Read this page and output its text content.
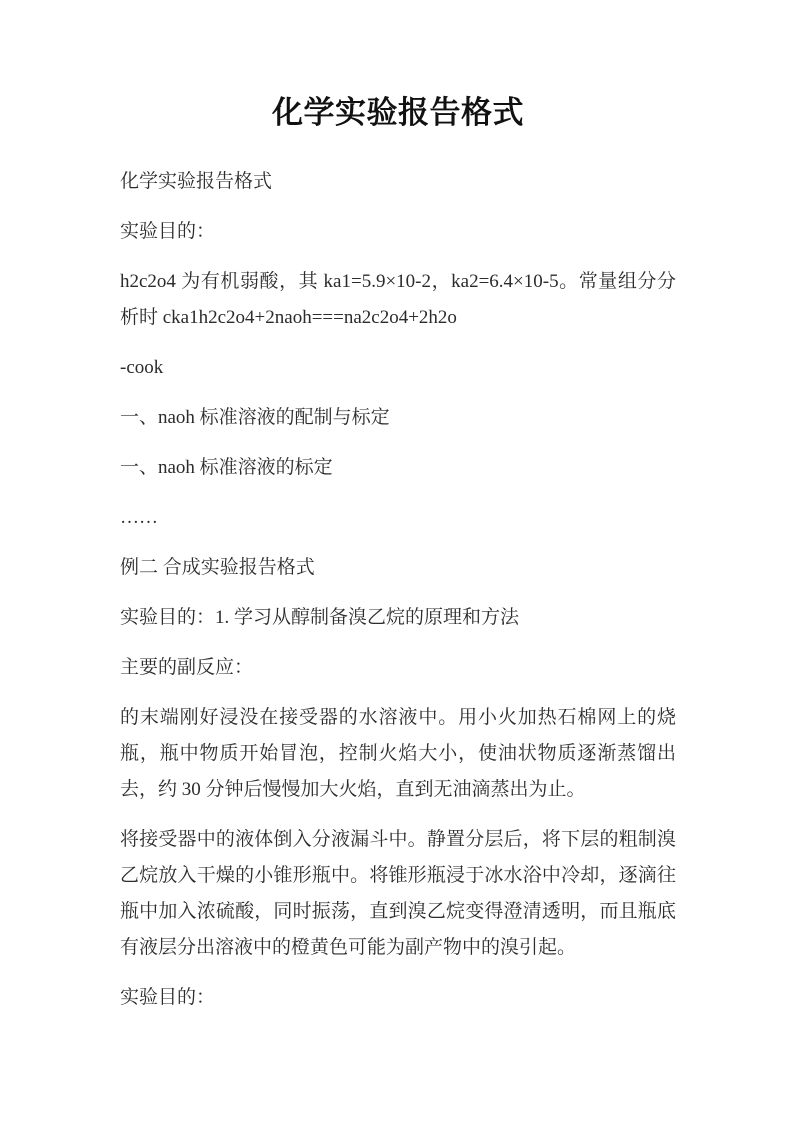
化学实验报告格式

化学实验报告格式

实验目的：

h2c2o4 为有机弱酸，其 ka1=5.9×10-2，ka2=6.4×10-5。常量组分分析时 cka1h2c2o4+2naoh===na2c2o4+2h2o

-cook

一、naoh 标准溶液的配制与标定

一、naoh 标准溶液的标定

……

例二 合成实验报告格式

实验目的：1. 学习从醇制备溴乙烷的原理和方法

主要的副反应：

的末端刚好浸没在接受器的水溶液中。用小火加热石棉网上的烧瓶，瓶中物质开始冒泡，控制火焰大小，使油状物质逐渐蒸馏出去，约 30 分钟后慢慢加大火焰，直到无油滴蒸出为止。

将接受器中的液体倒入分液漏斗中。静置分层后，将下层的粗制溴乙烷放入干燥的小锥形瓶中。将锥形瓶浸于冰水浴中冷却，逐滴往瓶中加入浓硫酸，同时振荡，直到溴乙烷变得澄清透明，而且瓶底有液层分出溶液中的橙黄色可能为副产物中的溴引起。

实验目的：
